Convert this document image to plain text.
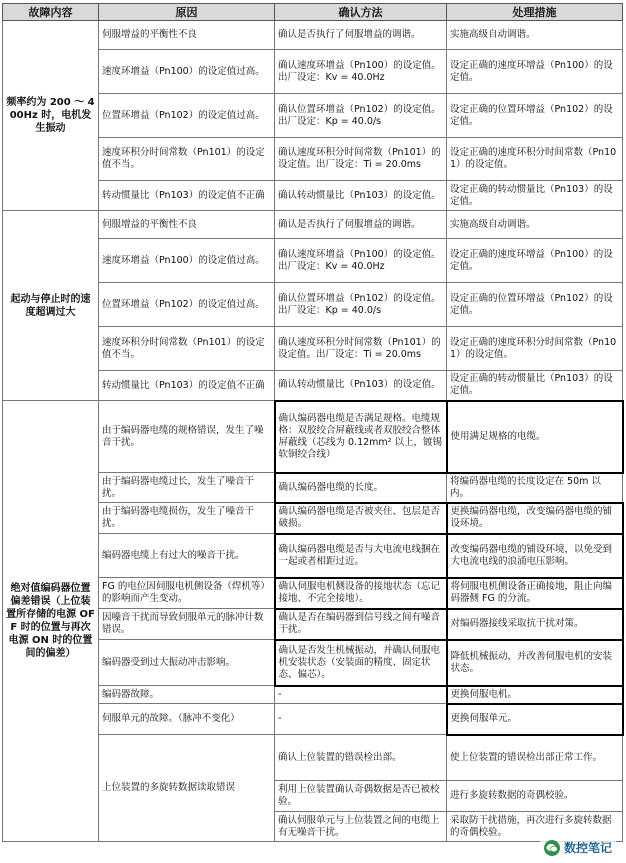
故障内容	原因	确认方法	处理措施
频率约为 200 ～ 400Hz 时，电机发生振动	伺服增益的平衡性不良	确认是否执行了伺服增益的调谐。	实施高级自动调谐。
	速度环增益（Pn100）的设定值过高。	确认速度环增益（Pn100）的设定值。出厂设定：Kv = 40.0Hz	设定正确的速度环增益（Pn100）的设定值。
	位置环增益（Pn102）的设定值过高。	确认位置环增益（Pn102）的设定值。出厂设定：Kp = 40.0/s	设定正确的位置环增益（Pn102）的设定值。
	速度环积分时间常数（Pn101）的设定值不当。	确认速度环积分时间常数（Pn101）的设定值。出厂设定：Ti = 20.0ms	设定正确的速度环积分时间常数（Pn101）的设定值。
	转动惯量比（Pn103）的设定值不正确	确认转动惯量比（Pn103）的设定值。	设定正确的转动惯量比（Pn103）的设定值。
起动与停止时的速度超调过大	伺服增益的平衡性不良	确认是否执行了伺服增益的调谐。	实施高级自动调谐。
	速度环增益（Pn100）的设定值过高。	确认速度环增益（Pn100）的设定值。出厂设定：Kv = 40.0Hz	设定正确的速度环增益（Pn100）的设定值。
	位置环增益（Pn102）的设定值过高。	确认位置环增益（Pn102）的设定值。出厂设定：Kp = 40.0/s	设定正确的位置环增益（Pn102）的设定值。
	速度环积分时间常数（Pn101）的设定值不当。	确认速度环积分时间常数（Pn101）的设定值。出厂设定：Ti = 20.0ms	设定正确的速度环积分时间常数（Pn101）的设定值。
	转动惯量比（Pn103）的设定值不正确	确认转动惯量比（Pn103）的设定值。	设定正确的转动惯量比（Pn103）的设定值。
绝对值编码器位置偏差错误（上位装置所存储的电源 OFF 时的位置与再次电源 ON 时的位置间的偏差）	由于编码器电缆的规格错误，发生了噪音干扰。	确认编码器电缆是否满足规格。电缆规格：双胶绞合屏蔽线或者双胶绞合整体屏蔽线（芯线为 0.12mm² 以上，镀锡软铜绞合线）	使用满足规格的电缆。
	由于编码器电缆过长，发生了噪音干扰。	确认编码器电缆的长度。	将编码器电缆的长度设定在 50m 以内。
	由于编码器电缆损伤，发生了噪音干扰。	确认编码器电缆是否被夹住、包层是否破损。	更换编码器电缆，改变编码器电缆的铺设环境。
	编码器电缆上有过大的噪音干扰。	确认编码器电缆是否与大电流电线捆在一起或者相距过近。	改变编码器电缆的铺设环境，以免受到大电流电线的浪涌电压影响。
	FG 的电位因伺服电机侧设备（焊机等）的影响而产生变动。	确认伺服电机侧设备的接地状态（忘记接地、不完全接地）。	将伺服电机侧设备正确接地，阻止向编码器侧 FG 的分流。
	因噪音干扰而导致伺服单元的脉冲计数错误。	确认是否在编码器到信号线之间有噪音干扰。	对编码器接线采取抗干扰对策。
	编码器受到过大振动冲击影响。	确认是否发生机械振动，并确认伺服电机安装状态（安装面的精度、固定状态、偏芯）。	降低机械振动，并改善伺服电机的安装状态。
	编码器故障。	-	更换伺服电机。
	伺服单元的故障。（脉冲不变化）	-	更换伺服单元。
	上位装置的多旋转数据读取错误	确认上位装置的错误检出部。	使上位装置的错误检出部正常工作。
		利用上位装置确认奇偶数据是否已被校验。	进行多旋转数据的奇偶校验。
		确认伺服单元与上位装置之间的电缆上有无噪音干扰。	采取防干扰措施，再次进行多旋转数据的奇偶校验。
数控笔记
